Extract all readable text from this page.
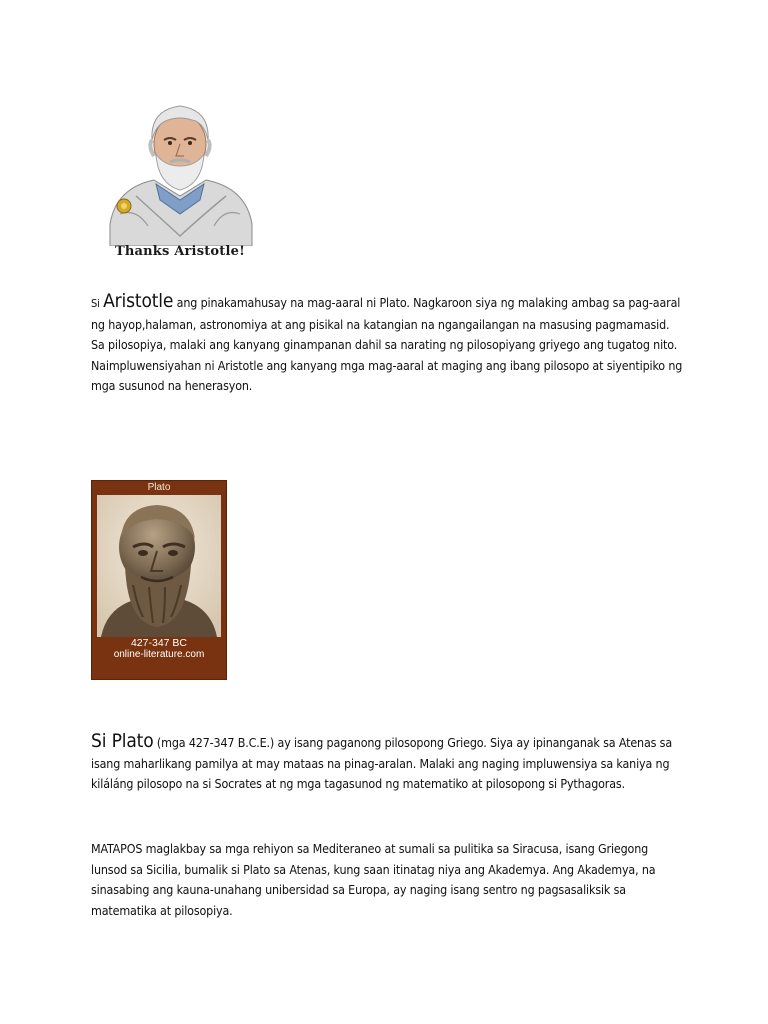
Thanks Aristotle!

Si Aristotle ang pinakamahusay na mag-aaral ni Plato. Nagkaroon siya ng malaking ambag sa pag-aaral ng hayop,halaman, astronomiya at ang pisikal na katangian na ngangailangan na masusing pagmamasid. Sa pilosopiya, malaki ang kanyang ginampanan dahil sa narating ng pilosopiyang griyego ang tugatog nito. Naimpluwensiyahan ni Aristotle ang kanyang mga mag-aaral at maging ang ibang pilosopo at siyentipiko ng mga susunod na henerasyon.

Plato
427-347 BC
online-literature.com

Si Plato (mga 427-347 B.C.E.) ay isang paganong pilosopong Griego. Siya ay ipinanganak sa Atenas sa isang maharlikang pamilya at may mataas na pinag-aralan. Malaki ang naging impluwensiya sa kaniya ng kiláláng pilosopo na si Socrates at ng mga tagasunod ng matematiko at pilosopong si Pythagoras.

MATAPOS maglakbay sa mga rehiyon sa Mediteraneo at sumali sa pulitika sa Siracusa, isang Griegong lunsod sa Sicilia, bumalik si Plato sa Atenas, kung saan itinatag niya ang Akademya. Ang Akademya, na sinasabing ang kauna-unahang unibersidad sa Europa, ay naging isang sentro ng pagsasaliksik sa matematika at pilosopiya.
